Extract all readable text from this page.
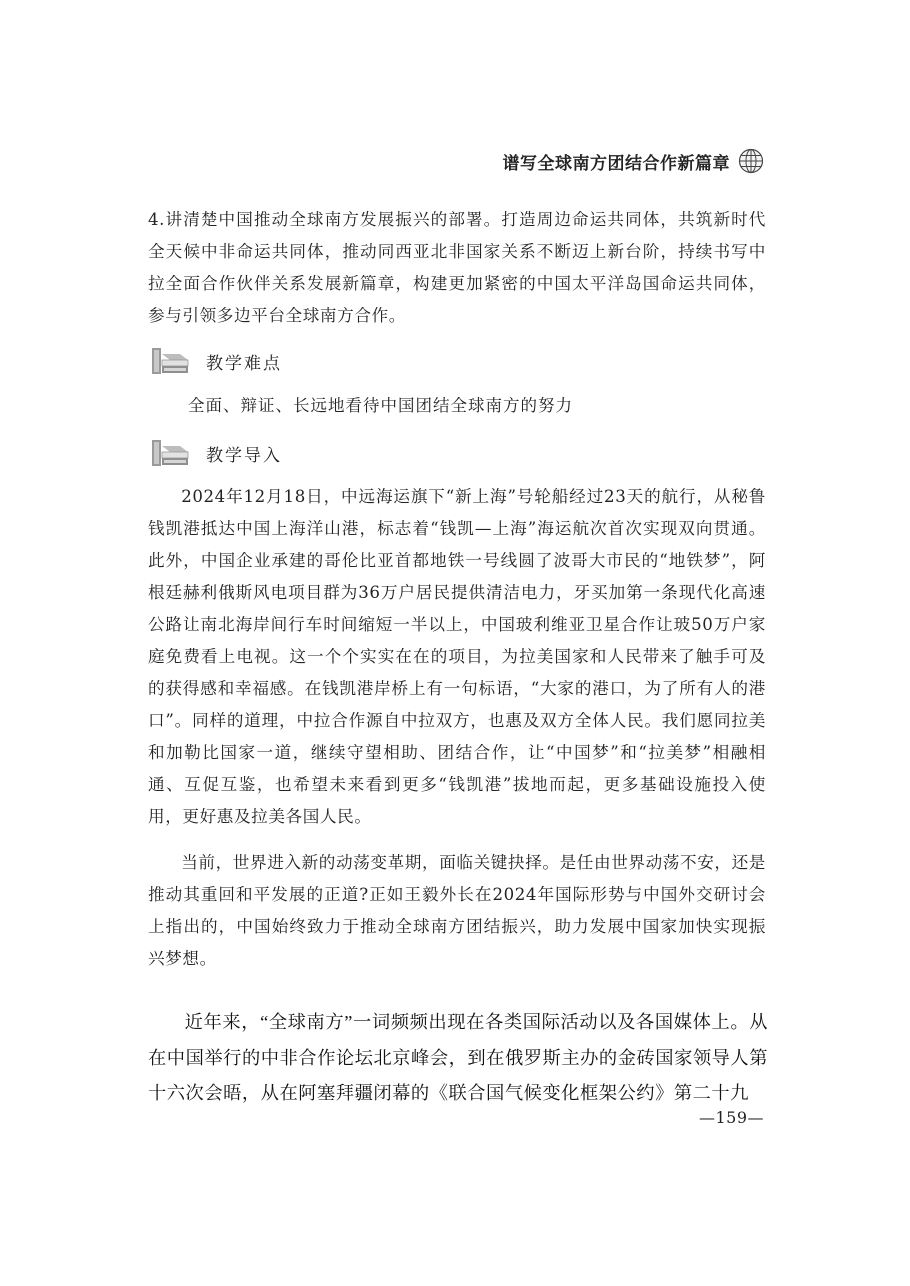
谱写全球南方团结合作新篇章

4.讲清楚中国推动全球南方发展振兴的部署。打造周边命运共同体，共筑新时代全天候中非命运共同体，推动同西亚北非国家关系不断迈上新台阶，持续书写中拉全面合作伙伴关系发展新篇章，构建更加紧密的中国太平洋岛国命运共同体，参与引领多边平台全球南方合作。

教学难点
全面、辩证、长远地看待中国团结全球南方的努力
教学导入

2024年12月18日，中远海运旗下“新上海”号轮船经过23天的航行，从秘鲁钱凯港抵达中国上海洋山港，标志着“钱凯—上海”海运航次首次实现双向贯通。此外，中国企业承建的哥伦比亚首都地铁一号线圆了波哥大市民的“地铁梦”，阿根廷赫利俄斯风电项目群为36万户居民提供清洁电力，牙买加第一条现代化高速公路让南北海岸间行车时间缩短一半以上，中国玻利维亚卫星合作让玻50万户家庭免费看上电视。这一个个实实在在的项目，为拉美国家和人民带来了触手可及的获得感和幸福感。在钱凯港岸桥上有一句标语，“大家的港口，为了所有人的港口”。同样的道理，中拉合作源自中拉双方，也惠及双方全体人民。我们愿同拉美和加勒比国家一道，继续守望相助、团结合作，让“中国梦”和“拉美梦”相融相通、互促互鉴，也希望未来看到更多“钱凯港”拔地而起，更多基础设施投入使用，更好惠及拉美各国人民。

当前，世界进入新的动荡变革期，面临关键抉择。是任由世界动荡不安，还是推动其重回和平发展的正道?正如王毅外长在2024年国际形势与中国外交研讨会上指出的，中国始终致力于推动全球南方团结振兴，助力发展中国家加快实现振兴梦想。

近年来，“全球南方”一词频频出现在各类国际活动以及各国媒体上。从在中国举行的中非合作论坛北京峰会，到在俄罗斯主办的金砖国家领导人第十六次会晤，从在阿塞拜疆闭幕的《联合国气候变化框架公约》第二十九

—159—
